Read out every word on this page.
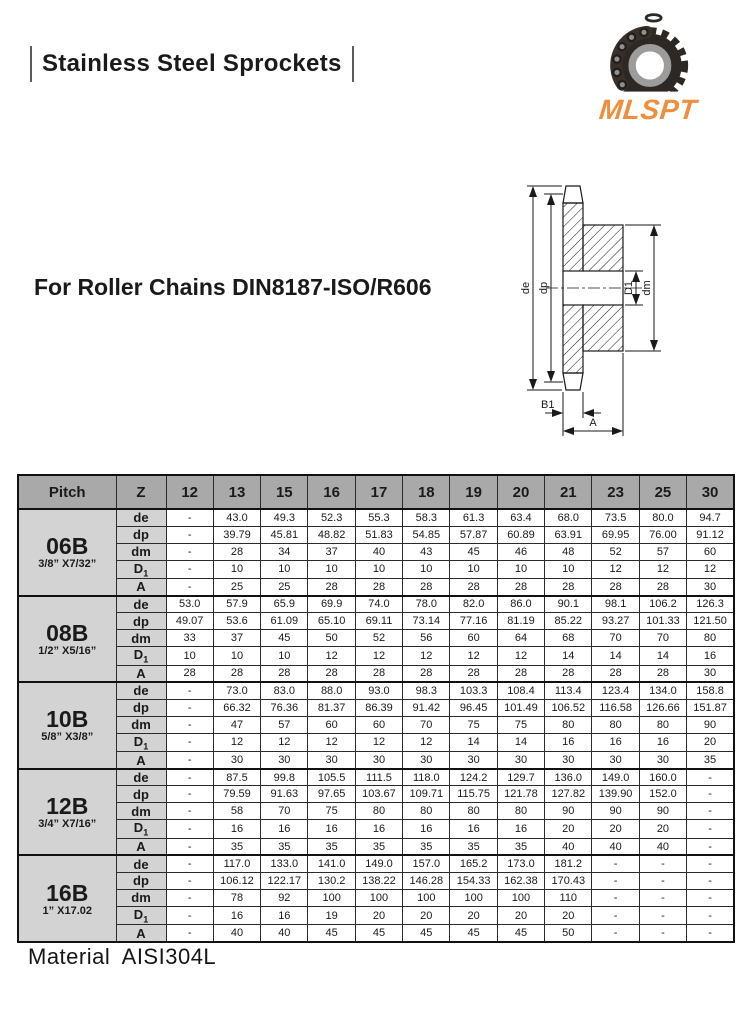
Stainless Steel Sprockets
MLSPT
For Roller Chains DIN8187-ISO/R606	de dp	D1 dm
B1
A
Pitch	Z	12	13	15	16	17	18	19	20	21	23	25	30

06B
3/8” X7/32”	de	-	43.0	49.3	52.3	55.3	58.3	61.3	63.4	68.0	73.5	80.0	94.7
	dp	-	39.79	45.81	48.82	51.83	54.85	57.87	60.89	63.91	69.95	76.00	91.12
	dm	-	28	34	37	40	43	45	46	48	52	57	60
	$D_1$	-	10	10	10	10	10	10	10	10	12	12	12
	A	-	25	25	28	28	28	28	28	28	28	28	30

08B
1/2” X5/16”	de	53.0	57.9	65.9	69.9	74.0	78.0	82.0	86.0	90.1	98.1	106.2	126.3
	dp	49.07	53.6	61.09	65.10	69.11	73.14	77.16	81.19	85.22	93.27	101.33	121.50
	dm	33	37	45	50	52	56	60	64	68	70	70	80
	$D_1$	10	10	10	12	12	12	12	12	14	14	14	16
	A	28	28	28	28	28	28	28	28	28	28	28	30

10B
5/8” X3/8”	de	-	73.0	83.0	88.0	93.0	98.3	103.3	108.4	113.4	123.4	134.0	158.8
	dp	-	66.32	76.36	81.37	86.39	91.42	96.45	101.49	106.52	116.58	126.66	151.87
	dm	-	47	57	60	60	70	75	75	80	80	80	90
	$D_1$	-	12	12	12	12	12	14	14	16	16	16	20
	A	-	30	30	30	30	30	30	30	30	30	30	35

12B
3/4” X7/16”	de	-	87.5	99.8	105.5	111.5	118.0	124.2	129.7	136.0	149.0	160.0	-
	dp	-	79.59	91.63	97.65	103.67	109.71	115.75	121.78	127.82	139.90	152.0	-
	dm	-	58	70	75	80	80	80	80	90	90	90	-
	$D_1$	-	16	16	16	16	16	16	16	20	20	20	-
	A	-	35	35	35	35	35	35	35	40	40	40	-

16B
1” X17.02	de	-	117.0	133.0	141.0	149.0	157.0	165.2	173.0	181.2	-	-	-
	dp	-	106.12	122.17	130.2	138.22	146.28	154.33	162.38	170.43	-	-	-
	dm	-	78	92	100	100	100	100	100	110	-	-	-
	$D_1$	-	16	16	19	20	20	20	20	20	-	-	-
	A	-	40	40	45	45	45	45	45	50	-	-	-
Material AISI304L
